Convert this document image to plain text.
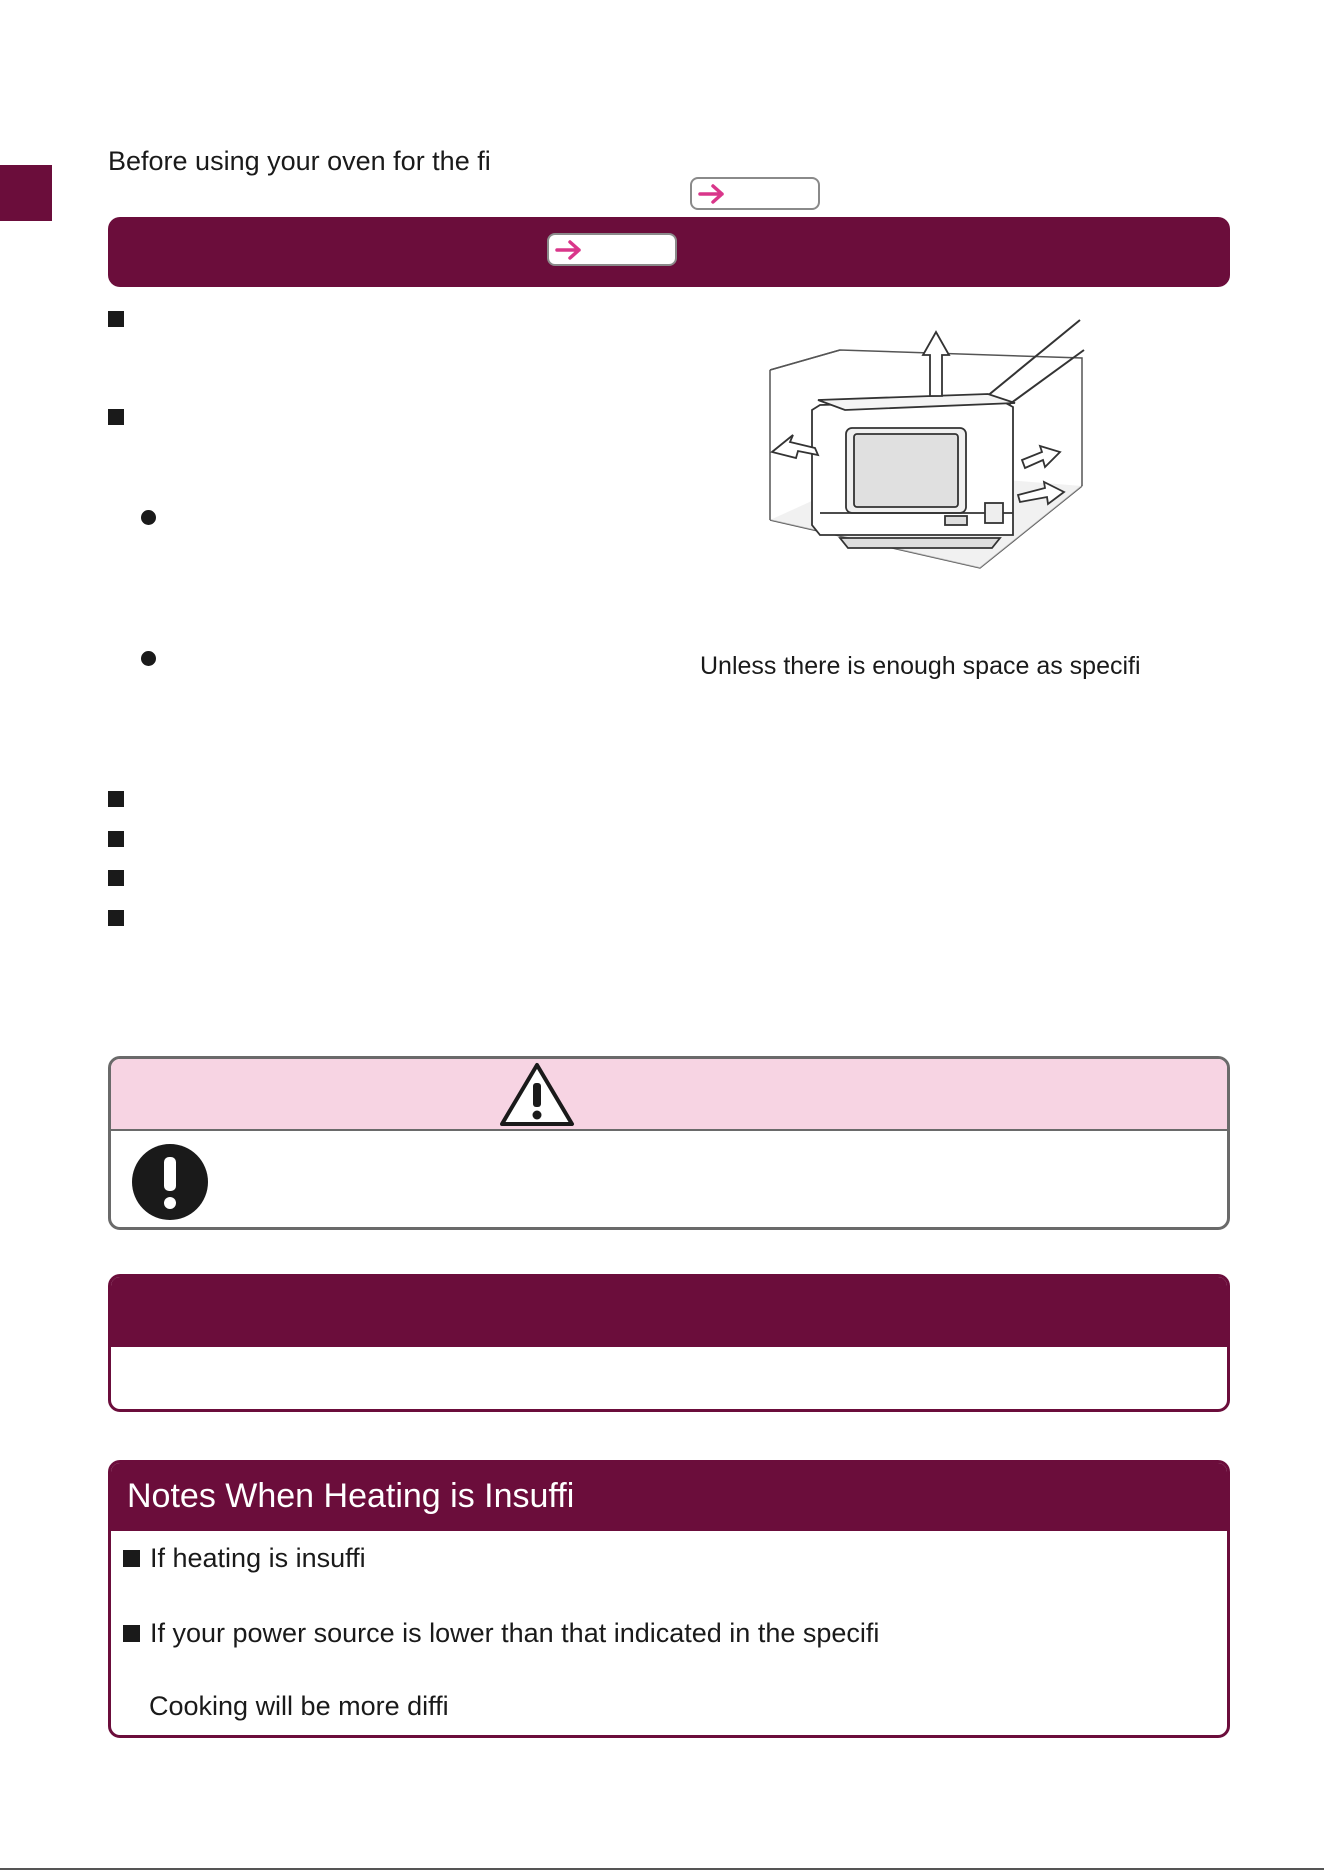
Before using your oven for the fi
Unless there is enough space as specifi
Notes When Heating is Insuffi
If heating is insuffi
If your power source is lower than that indicated in the specifi
Cooking will be more diffi
